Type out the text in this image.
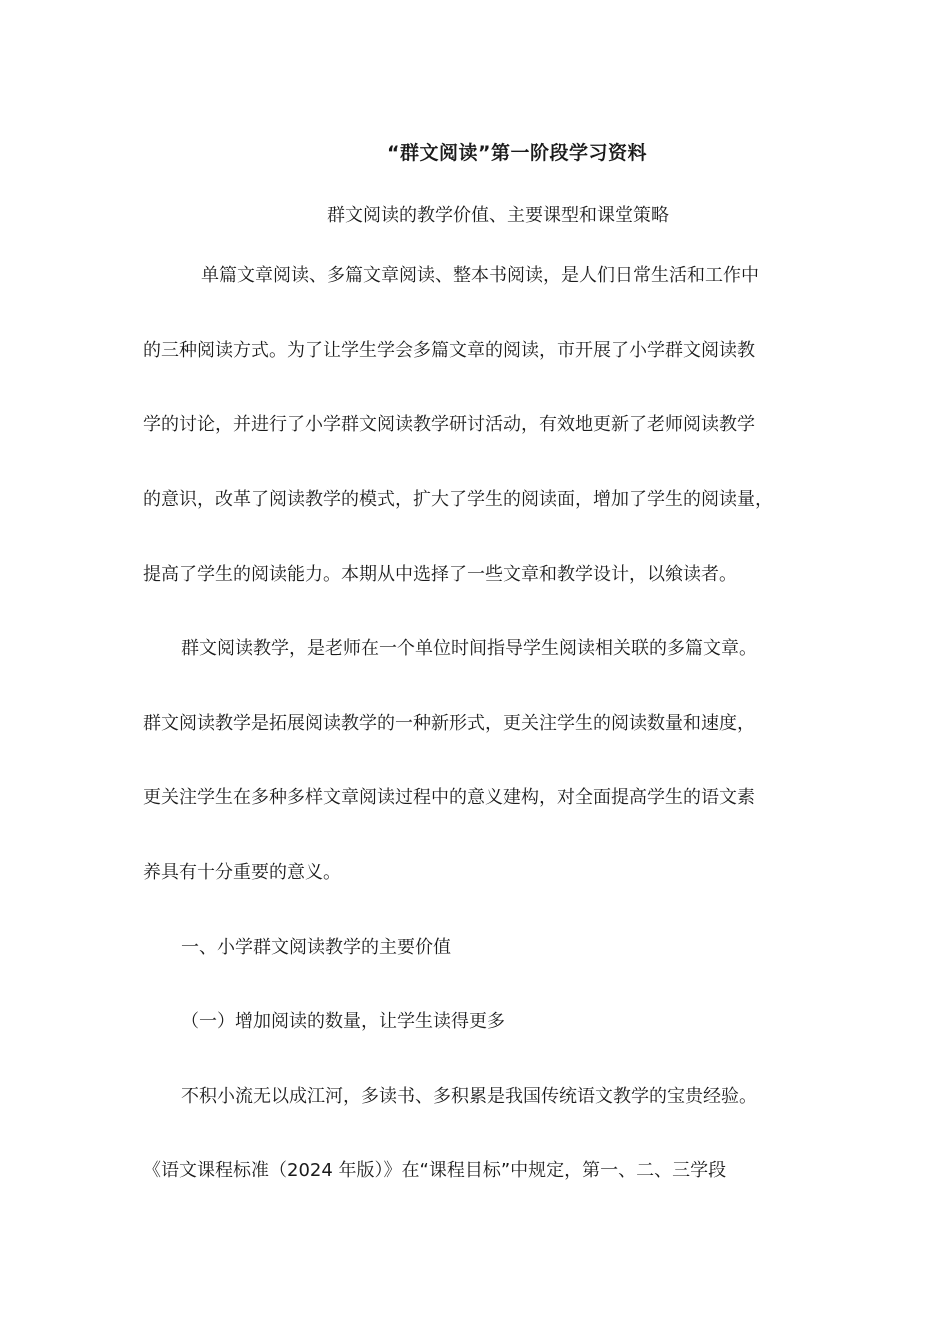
“群文阅读”第一阶段学习资料
群文阅读的教学价值、主要课型和课堂策略
单篇文章阅读、多篇文章阅读、整本书阅读，是人们日常生活和工作中
的三种阅读方式。为了让学生学会多篇文章的阅读，市开展了小学群文阅读教
学的讨论，并进行了小学群文阅读教学研讨活动，有效地更新了老师阅读教学
的意识，改革了阅读教学的模式，扩大了学生的阅读面，增加了学生的阅读量，
提高了学生的阅读能力。本期从中选择了一些文章和教学设计，以飨读者。
群文阅读教学，是老师在一个单位时间指导学生阅读相关联的多篇文章。
群文阅读教学是拓展阅读教学的一种新形式，更关注学生的阅读数量和速度，
更关注学生在多种多样文章阅读过程中的意义建构，对全面提高学生的语文素
养具有十分重要的意义。
一、小学群文阅读教学的主要价值
（一）增加阅读的数量，让学生读得更多
不积小流无以成江河，多读书、多积累是我国传统语文教学的宝贵经验。
《语文课程标准（2024 年版）》在“课程目标”中规定，第一、二、三学段
